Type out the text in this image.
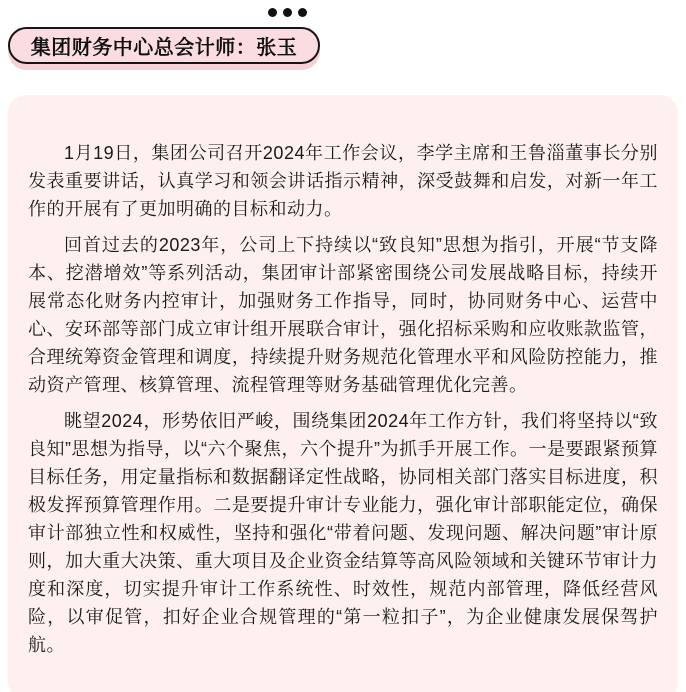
集团财务中心总会计师：张玉

1月19日，集团公司召开2024年工作会议，李学主席和王鲁淄董事长分别发表重要讲话，认真学习和领会讲话指示精神，深受鼓舞和启发，对新一年工作的开展有了更加明确的目标和动力。

回首过去的2023年，公司上下持续以“致良知”思想为指引，开展“节支降本、挖潜增效”等系列活动，集团审计部紧密围绕公司发展战略目标，持续开展常态化财务内控审计，加强财务工作指导，同时，协同财务中心、运营中心、安环部等部门成立审计组开展联合审计，强化招标采购和应收账款监管，合理统筹资金管理和调度，持续提升财务规范化管理水平和风险防控能力，推动资产管理、核算管理、流程管理等财务基础管理优化完善。

眺望2024，形势依旧严峻，围绕集团2024年工作方针，我们将坚持以“致良知”思想为指导，以“六个聚焦，六个提升”为抓手开展工作。一是要跟紧预算目标任务，用定量指标和数据翻译定性战略，协同相关部门落实目标进度，积极发挥预算管理作用。二是要提升审计专业能力，强化审计部职能定位，确保审计部独立性和权威性，坚持和强化“带着问题、发现问题、解决问题”审计原则，加大重大决策、重大项目及企业资金结算等高风险领域和关键环节审计力度和深度，切实提升审计工作系统性、时效性，规范内部管理，降低经营风险，以审促管，扣好企业合规管理的“第一粒扣子”，为企业健康发展保驾护航。
